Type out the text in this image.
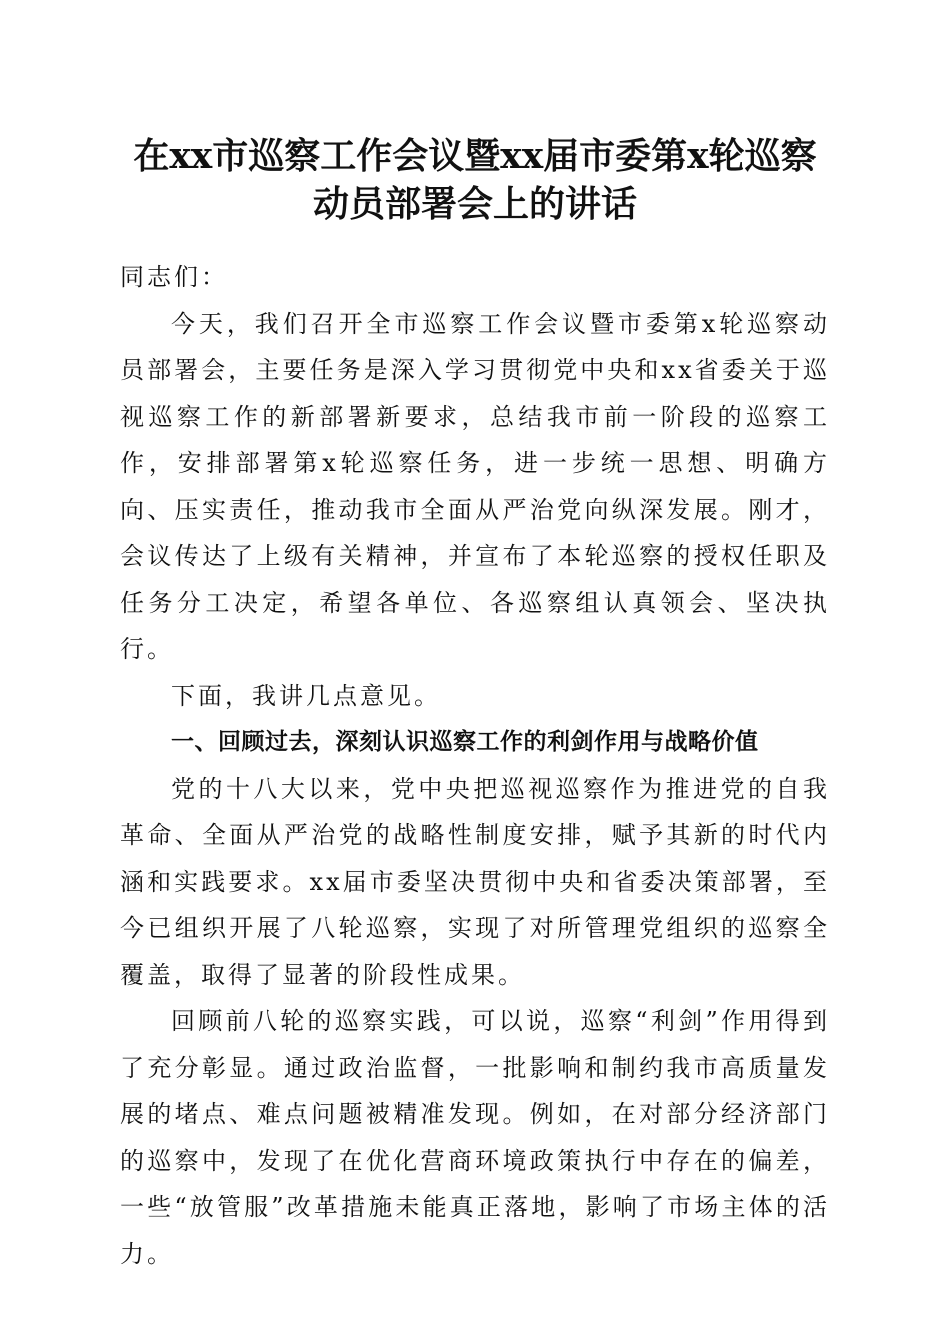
在xx市巡察工作会议暨xx届市委第x轮巡察
动员部署会上的讲话

同志们：

今天，我们召开全市巡察工作会议暨市委第x轮巡察动员部署会，主要任务是深入学习贯彻党中央和xx省委关于巡视巡察工作的新部署新要求，总结我市前一阶段的巡察工作，安排部署第x轮巡察任务，进一步统一思想、明确方向、压实责任，推动我市全面从严治党向纵深发展。刚才，会议传达了上级有关精神，并宣布了本轮巡察的授权任职及任务分工决定，希望各单位、各巡察组认真领会、坚决执行。

下面，我讲几点意见。

一、回顾过去，深刻认识巡察工作的利剑作用与战略价值

党的十八大以来，党中央把巡视巡察作为推进党的自我革命、全面从严治党的战略性制度安排，赋予其新的时代内涵和实践要求。xx届市委坚决贯彻中央和省委决策部署，至今已组织开展了八轮巡察，实现了对所管理党组织的巡察全覆盖，取得了显著的阶段性成果。

回顾前八轮的巡察实践，可以说，巡察“利剑”作用得到了充分彰显。通过政治监督，一批影响和制约我市高质量发展的堵点、难点问题被精准发现。例如，在对部分经济部门的巡察中，发现了在优化营商环境政策执行中存在的偏差，一些“放管服”改革措施未能真正落地，影响了市场主体的活力。
